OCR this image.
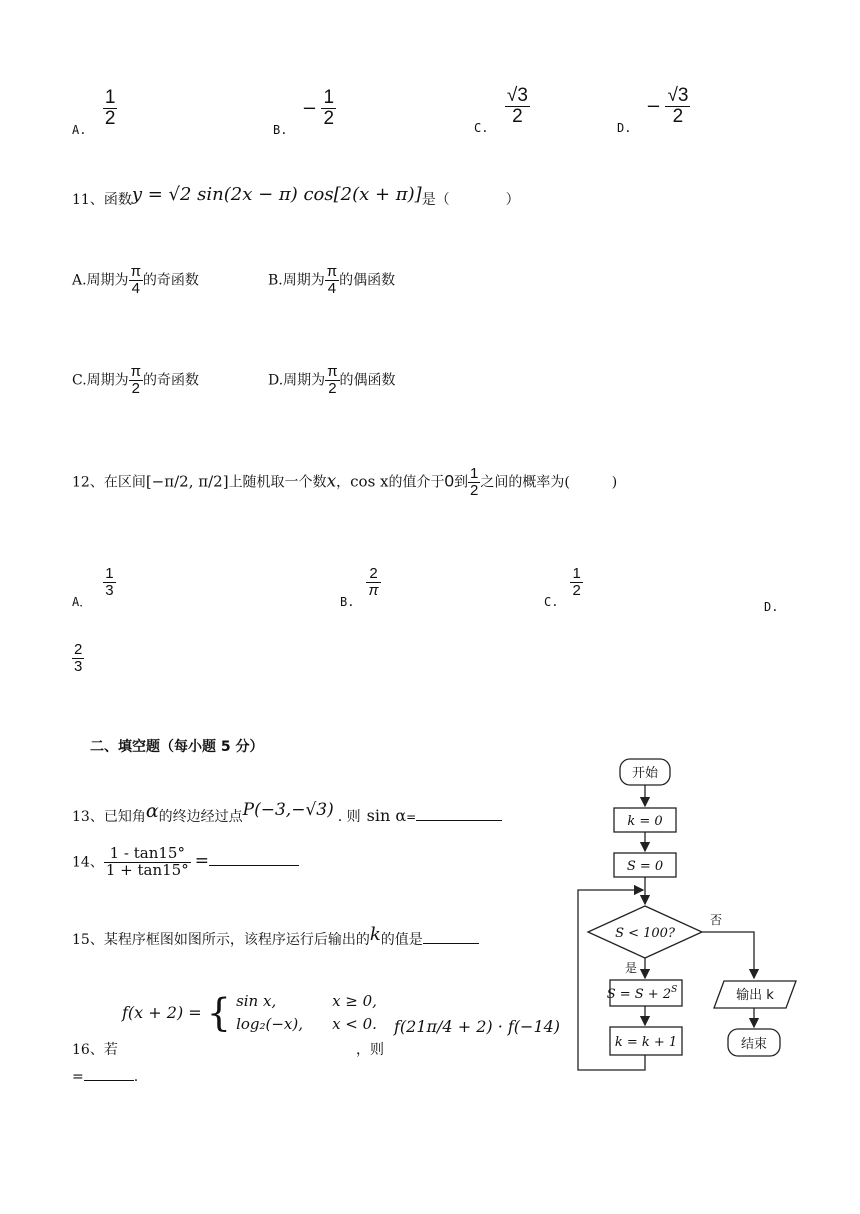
A.
$\frac{1}{2}$
B. − $\frac{1}{2}$	C.
$\frac{√3}{2}$
D. − $\frac{√3}{2}$
11、函数y = √2 sin(2x − π) cos[2(x + π)]是（　　　　）
A.周期为 $\frac{\pi}{4}$ 的奇函数	B.周期为 $\frac{\pi}{4}$ 的偶函数
C.周期为 $\frac{\pi}{2}$ 的奇函数	D.周期为 $\frac{\pi}{2}$ 的偶函数
12、在区间[−π/2, π/2]上随机取一个数x，cos x的值介于0到 $\frac{1}{2}$ 之间的概率为(　　　)
A．
$\frac{1}{3}$
B.
$\frac{2}{\pi}$
C.
$\frac{1}{2}$
D.
$\frac{2}{3}$
二、填空题（每小题 5 分）
13、已知角α的终边经过点P(−3,−√3) . 则 sin α=
14、 $\frac{1 - \tan 15^\circ}{1 + \tan 15^\circ}$ =
15、某程序框图如图所示，该程序运行后输出的k的值是
f(x + 2) = { sin x,	x ≥ 0,
log₂(−x), x < 0.
16、若	，则
f(21π/4 + 2) · f(−14)
=	.
开始
k = 0
S = 0
S < 100?
否
是
$S = S + 2^S$
k = k + 1
输出 k
结束
